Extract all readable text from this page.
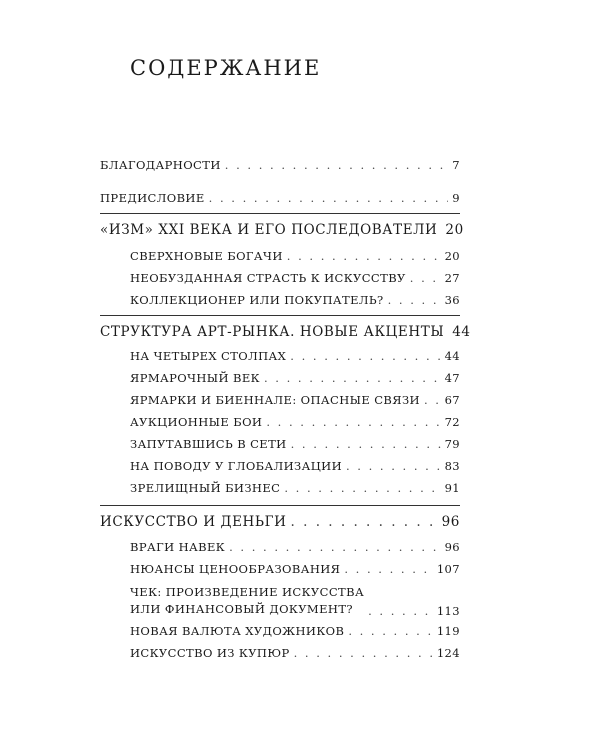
СОДЕРЖАНИЕ
БЛАГОДАРНОСТИ . . .	7
ПРЕДИСЛОВИЕ . . .	9
«ИЗМ» XXI ВЕКА И ЕГО ПОСЛЕДОВАТЕЛИ 20
СВЕРХНОВЫЕ БОГАЧИ . . .	20
НЕОБУЗДАННАЯ СТРАСТЬ К ИСКУССТВУ . . .	27
КОЛЛЕКЦИОНЕР ИЛИ ПОКУПАТЕЛЬ? . . .	36
СТРУКТУРА АРТ-РЫНКА. НОВЫЕ АКЦЕНТЫ 44
НА ЧЕТЫРЕХ СТОЛПАХ . . .	44
ЯРМАРОЧНЫЙ ВЕК . . .	47
ЯРМАРКИ И БИЕННАЛЕ: ОПАСНЫЕ СВЯЗИ . . . 67
АУКЦИОННЫЕ БОИ . . .	72
ЗАПУТАВШИСЬ В СЕТИ . . .	79
НА ПОВОДУ У ГЛОБАЛИЗАЦИИ . . .	83
ЗРЕЛИЩНЫЙ БИЗНЕС . . .	91
ИСКУССТВО И ДЕНЬГИ . . .	96
ВРАГИ НАВЕК . . .	96
НЮАНСЫ ЦЕНООБРАЗОВАНИЯ . . .	107
ЧЕК: ПРОИЗВЕДЕНИЕ ИСКУССТВА
ИЛИ ФИНАНСОВЫЙ ДОКУМЕНТ? . . .	113
НОВАЯ ВАЛЮТА ХУДОЖНИКОВ . . .	119
ИСКУССТВО ИЗ КУПЮР . . .	124
